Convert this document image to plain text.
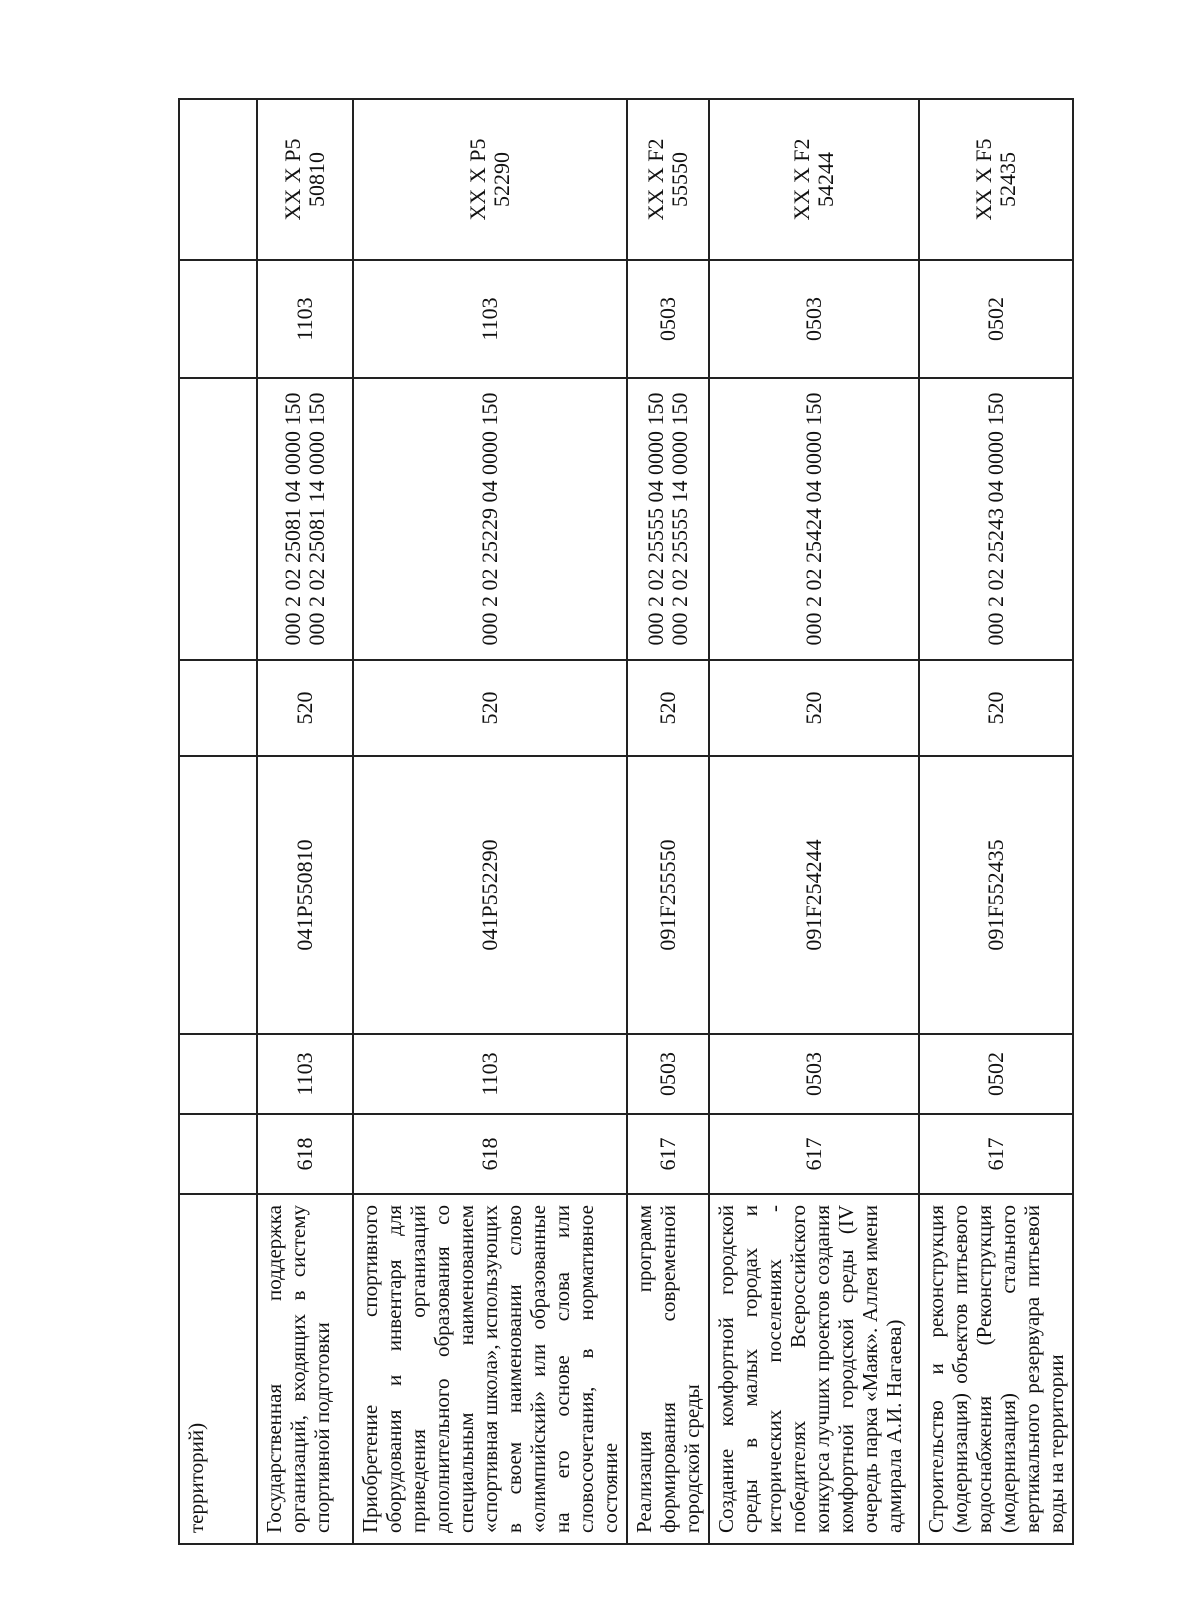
территорий)							
Государственная поддержка организаций, входящих в систему спортивной подготовки	618	1103	041P550810	520	000 2 02 25081 04 0000 150 000 2 02 25081 14 0000 150	1103	XX X P5 50810
Приобретение спортивного оборудования и инвентаря для приведения организаций дополнительного образования со специальным наименованием «спортивная школа», использующих в своем наименовании слово «олимпийский» или образованные на его основе слова или словосочетания, в нормативное состояние	618	1103	041P552290	520	000 2 02 25229 04 0000 150	1103	XX X P5 52290
Реализация программ формирования современной городской среды	617	0503	091F255550	520	000 2 02 25555 04 0000 150 000 2 02 25555 14 0000 150	0503	XX X F2 55550
Создание комфортной городской среды в малых городах и исторических поселениях - победителях Всероссийского конкурса лучших проектов создания комфортной городской среды (IV очередь парка «Маяк». Аллея имени адмирала А.И. Нагаева)	617	0503	091F254244	520	000 2 02 25424 04 0000 150	0503	XX X F2 54244
Строительство и реконструкция (модернизация) объектов питьевого водоснабжения (Реконструкция (модернизация) стального вертикального резервуара питьевой воды на территории	617	0502	091F552435	520	000 2 02 25243 04 0000 150	0502	XX X F5 52435
